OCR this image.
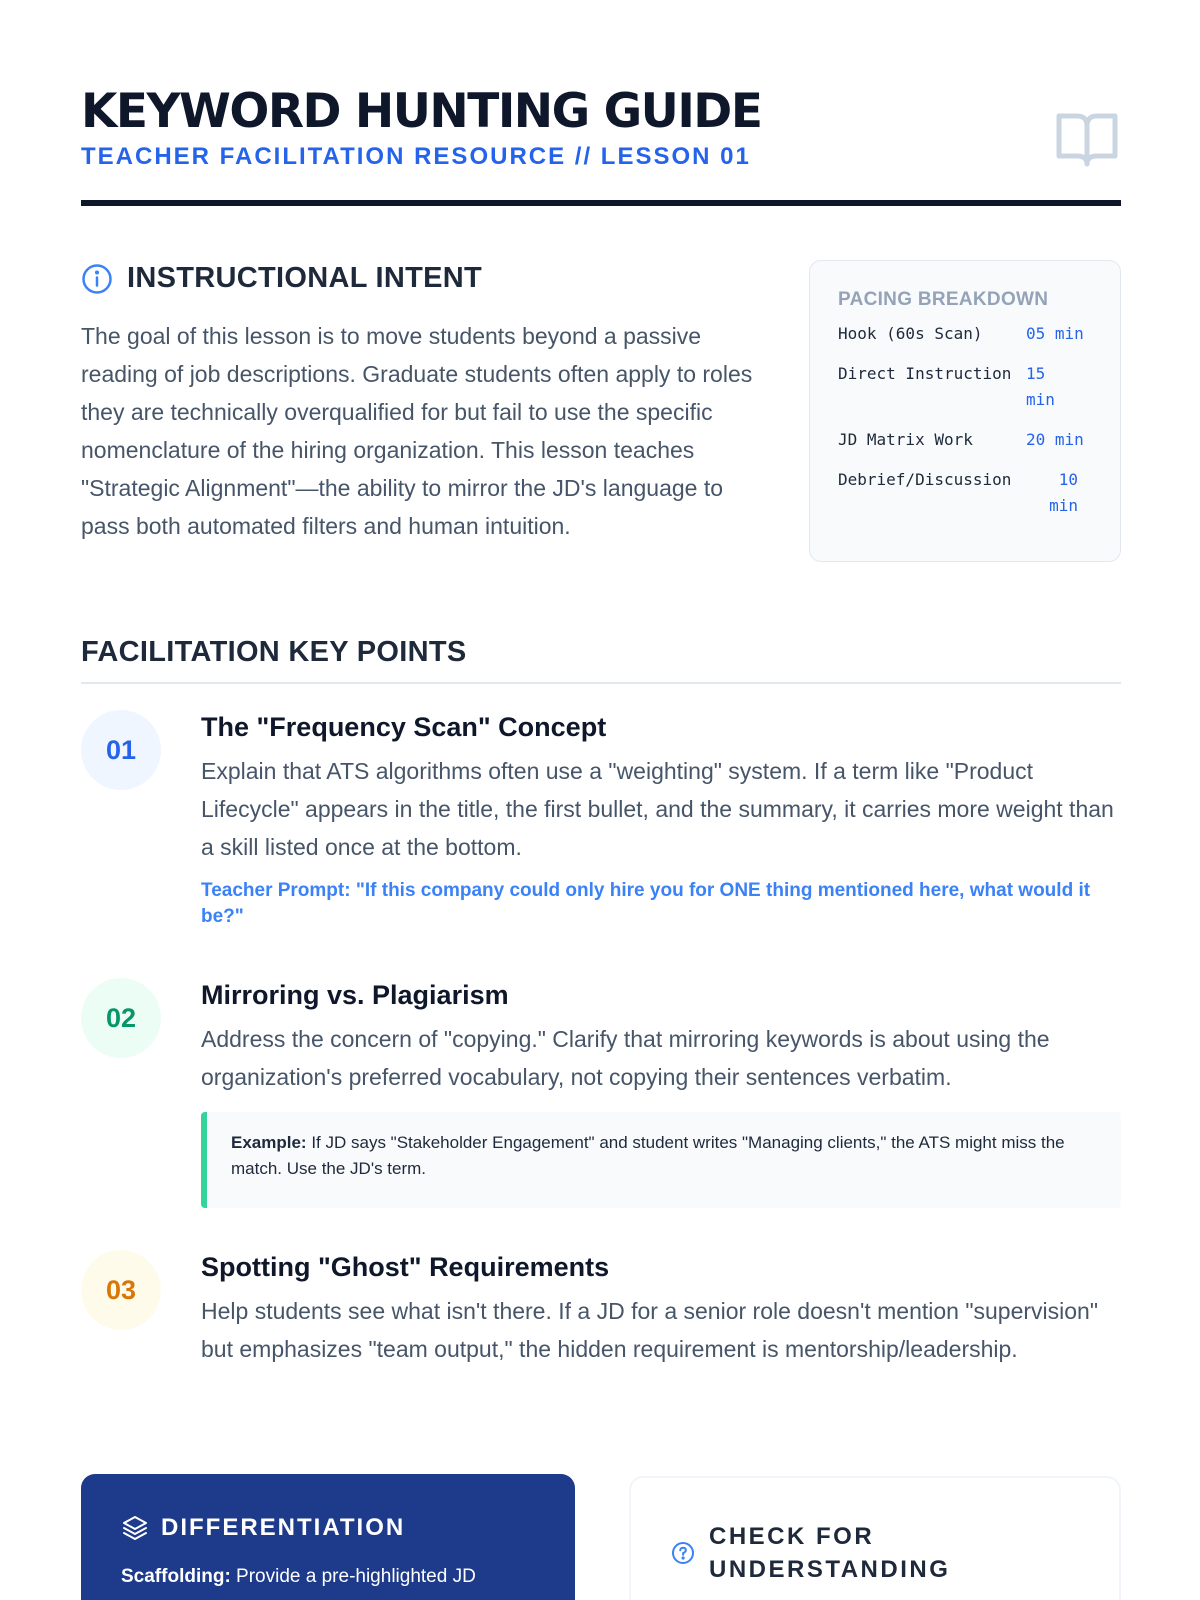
KEYWORD HUNTING GUIDE
TEACHER FACILITATION RESOURCE // LESSON 01
INSTRUCTIONAL INTENT

The goal of this lesson is to move students beyond a passive reading of job descriptions. Graduate students often apply to roles they are technically overqualified for but fail to use the specific nomenclature of the hiring organization. This lesson teaches "Strategic Alignment"—the ability to mirror the JD's language to pass both automated filters and human intuition.

PACING BREAKDOWN
Hook (60s Scan)	05 min
Direct Instruction 15 min
JD Matrix Work	20 min
Debrief/Discussion	10 min
FACILITATION KEY POINTS
01
The "Frequency Scan" Concept

Explain that ATS algorithms often use a "weighting" system. If a term like "Product Lifecycle" appears in the title, the first bullet, and the summary, it carries more weight than a skill listed once at the bottom.

Teacher Prompt: "If this company could only hire you for ONE thing mentioned here, what would it be?"

02
Mirroring vs. Plagiarism

Address the concern of "copying." Clarify that mirroring keywords is about using the organization's preferred vocabulary, not copying their sentences verbatim.

Example: If JD says "Stakeholder Engagement" and student writes "Managing clients," the ATS might miss the match. Use the JD's term.
03
Spotting "Ghost" Requirements

Help students see what isn't there. If a JD for a senior role doesn't mention "supervision" but emphasizes "team output," the hidden requirement is mentorship/leadership.

DIFFERENTIATION

Scaffolding: Provide a pre-highlighted JD

CHECK FOR UNDERSTANDING
